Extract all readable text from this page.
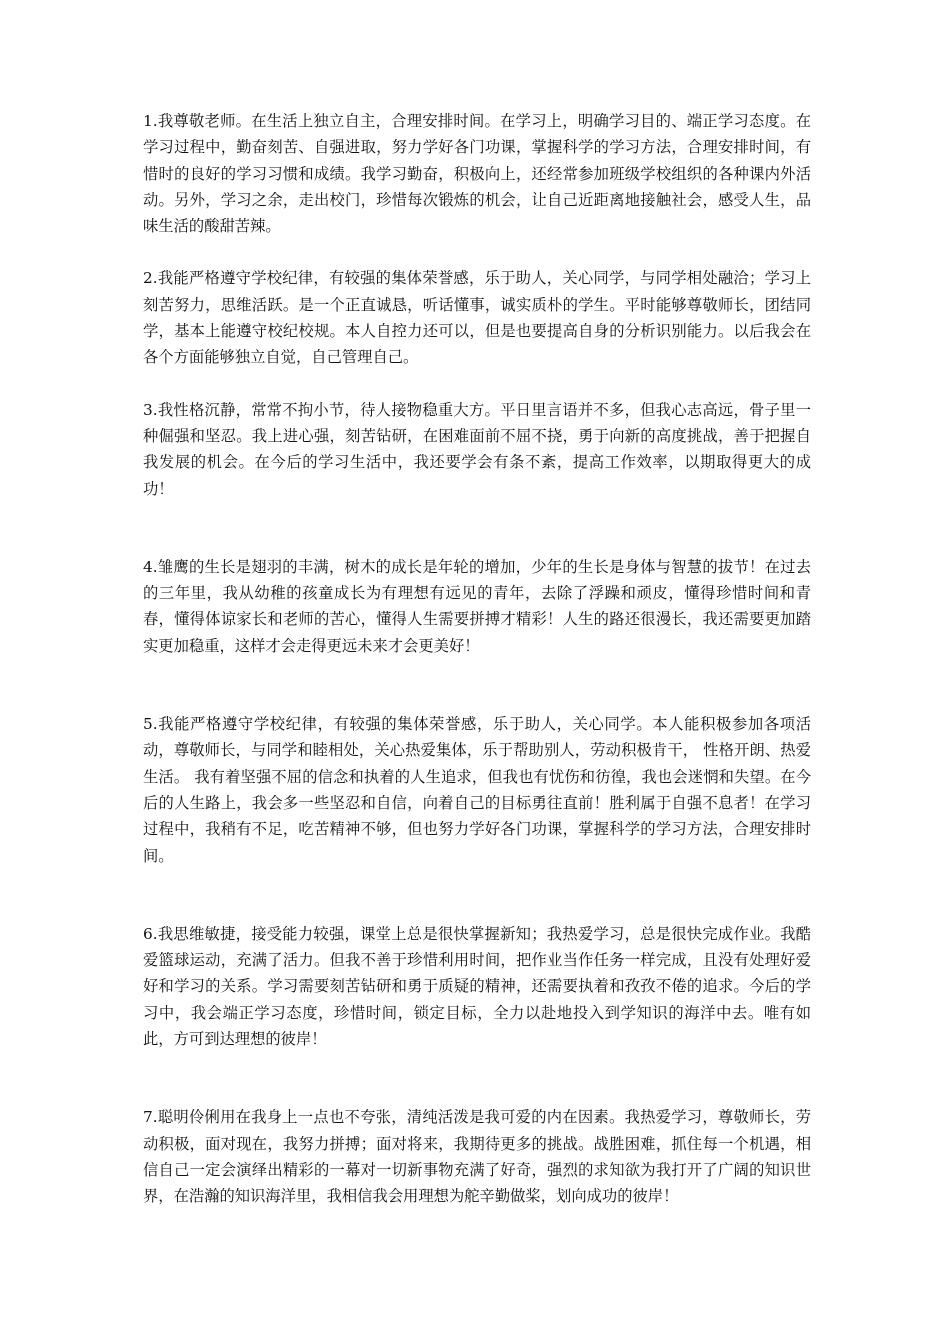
1.我尊敬老师。在生活上独立自主，合理安排时间。在学习上，明确学习目的、端正学习态度。在学习过程中，勤奋刻苦、自强进取，努力学好各门功课，掌握科学的学习方法，合理安排时间，有惜时的良好的学习习惯和成绩。我学习勤奋，积极向上，还经常参加班级学校组织的各种课内外活动。另外，学习之余，走出校门，珍惜每次锻炼的机会，让自己近距离地接触社会，感受人生，品味生活的酸甜苦辣。

2.我能严格遵守学校纪律，有较强的集体荣誉感，乐于助人，关心同学，与同学相处融洽；学习上刻苦努力，思维活跃。是一个正直诚恳，听话懂事，诚实质朴的学生。平时能够尊敬师长，团结同学，基本上能遵守校纪校规。本人自控力还可以，但是也要提高自身的分析识别能力。以后我会在各个方面能够独立自觉，自己管理自己。

3.我性格沉静，常常不拘小节，待人接物稳重大方。平日里言语并不多，但我心志高远，骨子里一种倔强和坚忍。我上进心强，刻苦钻研，在困难面前不屈不挠，勇于向新的高度挑战，善于把握自我发展的机会。在今后的学习生活中，我还要学会有条不紊，提高工作效率，以期取得更大的成功！

4.雏鹰的生长是翅羽的丰满，树木的成长是年轮的增加，少年的生长是身体与智慧的拔节！在过去的三年里，我从幼稚的孩童成长为有理想有远见的青年，去除了浮躁和顽皮，懂得珍惜时间和青春，懂得体谅家长和老师的苦心，懂得人生需要拼搏才精彩！人生的路还很漫长，我还需要更加踏实更加稳重，这样才会走得更远未来才会更美好！

5.我能严格遵守学校纪律，有较强的集体荣誉感，乐于助人，关心同学。本人能积极参加各项活动，尊敬师长，与同学和睦相处，关心热爱集体，乐于帮助别人，劳动积极肯干， 性格开朗、热爱生活。 我有着坚强不屈的信念和执着的人生追求，但我也有忧伤和彷徨，我也会迷惘和失望。在今后的人生路上，我会多一些坚忍和自信，向着自己的目标勇往直前！胜利属于自强不息者！在学习过程中，我稍有不足，吃苦精神不够，但也努力学好各门功课，掌握科学的学习方法，合理安排时间。

6.我思维敏捷，接受能力较强，课堂上总是很快掌握新知；我热爱学习，总是很快完成作业。我酷爱篮球运动，充满了活力。但我不善于珍惜利用时间，把作业当作任务一样完成，且没有处理好爱好和学习的关系。学习需要刻苦钻研和勇于质疑的精神，还需要执着和孜孜不倦的追求。今后的学习中，我会端正学习态度，珍惜时间，锁定目标，全力以赴地投入到学知识的海洋中去。唯有如此，方可到达理想的彼岸！

7.聪明伶俐用在我身上一点也不夸张，清纯活泼是我可爱的内在因素。我热爱学习，尊敬师长，劳动积极，面对现在，我努力拼搏；面对将来，我期待更多的挑战。战胜困难，抓住每一个机遇，相信自己一定会演绎出精彩的一幕对一切新事物充满了好奇，强烈的求知欲为我打开了广阔的知识世界，在浩瀚的知识海洋里，我相信我会用理想为舵辛勤做桨，划向成功的彼岸！
